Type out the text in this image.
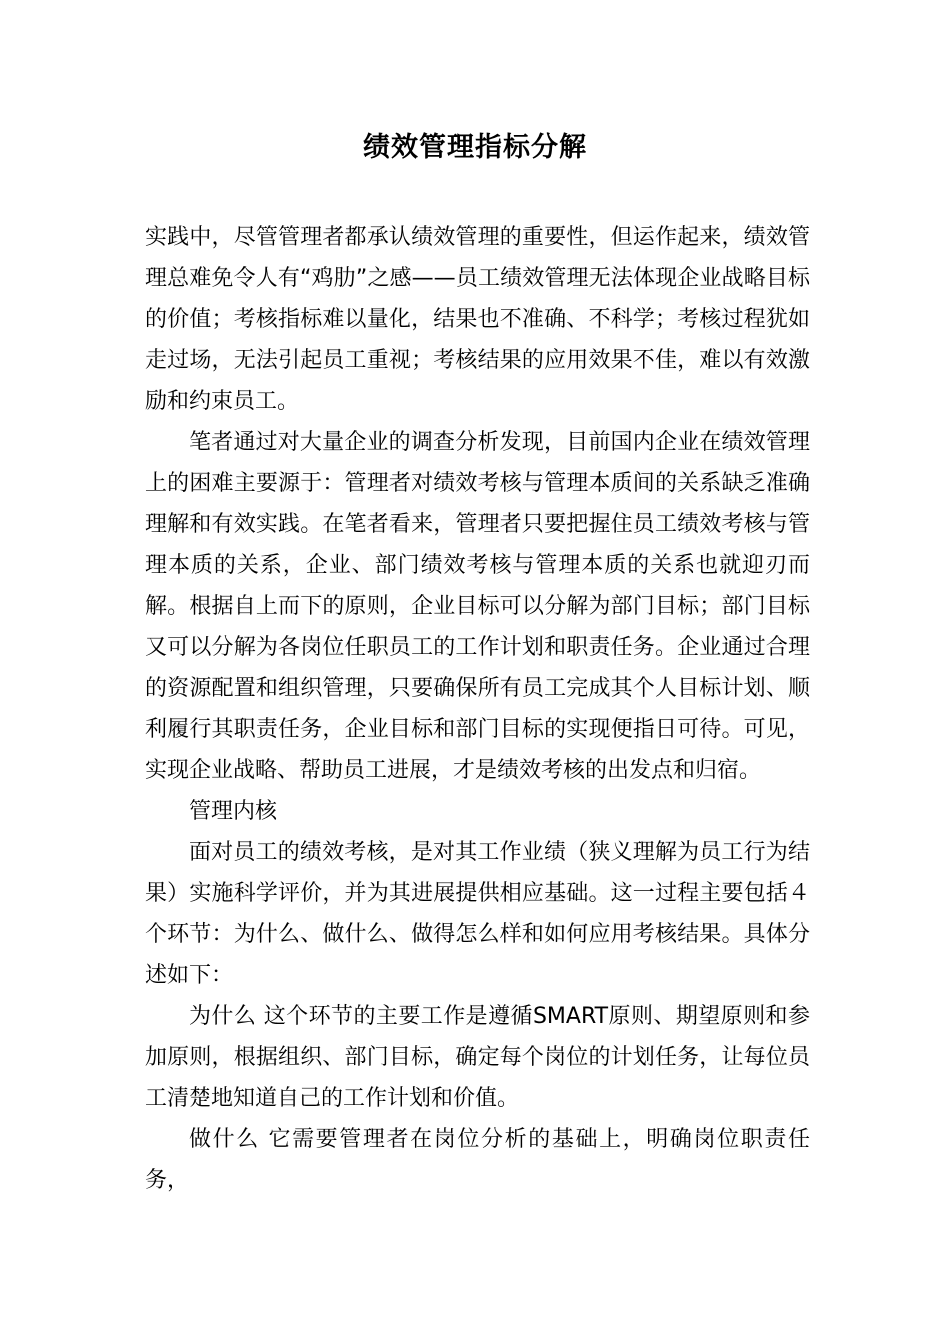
绩效管理指标分解

实践中，尽管管理者都承认绩效管理的重要性，但运作起来，绩效管理总难免令人有“鸡肋”之感——员工绩效管理无法体现企业战略目标的价值；考核指标难以量化，结果也不准确、不科学；考核过程犹如走过场，无法引起员工重视；考核结果的应用效果不佳，难以有效激励和约束员工。

笔者通过对大量企业的调查分析发现，目前国内企业在绩效管理上的困难主要源于：管理者对绩效考核与管理本质间的关系缺乏准确理解和有效实践。在笔者看来，管理者只要把握住员工绩效考核与管理本质的关系，企业、部门绩效考核与管理本质的关系也就迎刃而解。根据自上而下的原则，企业目标可以分解为部门目标；部门目标又可以分解为各岗位任职员工的工作计划和职责任务。企业通过合理的资源配置和组织管理，只要确保所有员工完成其个人目标计划、顺利履行其职责任务，企业目标和部门目标的实现便指日可待。可见，实现企业战略、帮助员工进展，才是绩效考核的出发点和归宿。

管理内核

面对员工的绩效考核，是对其工作业绩（狭义理解为员工行为结果）实施科学评价，并为其进展提供相应基础。这一过程主要包括４个环节：为什么、做什么、做得怎么样和如何应用考核结果。具体分述如下：

为什么 这个环节的主要工作是遵循SMART原则、期望原则和参加原则，根据组织、部门目标，确定每个岗位的计划任务，让每位员工清楚地知道自己的工作计划和价值。

做什么 它需要管理者在岗位分析的基础上，明确岗位职责任务，
